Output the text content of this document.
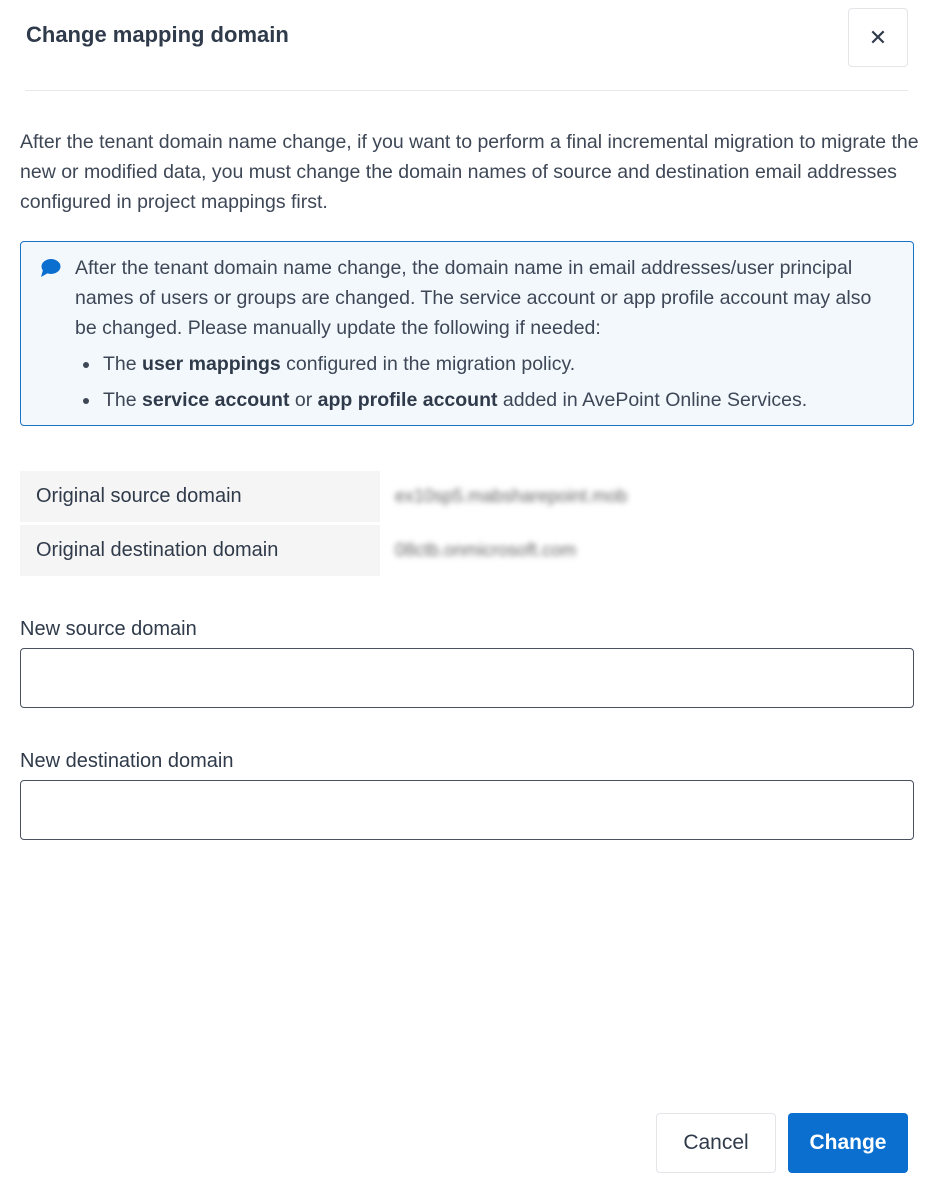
Change mapping domain	✕

After the tenant domain name change, if you want to perform a final incremental migration to migrate the new or modified data, you must change the domain names of source and destination email addresses configured in project mappings first.

After the tenant domain name change, the domain name in email addresses/user principal names of users or groups are changed. The service account or app profile account may also be changed. Please manually update the following if needed:
The user mappings configured in the migration policy.
The service account or app profile account added in AvePoint Online Services.
Original source domain	ex10sp5.mabsharepoint.mob
Original destination domain	08ctb.onmicrosoft.com
New source domain
New destination domain
Cancel	Change
